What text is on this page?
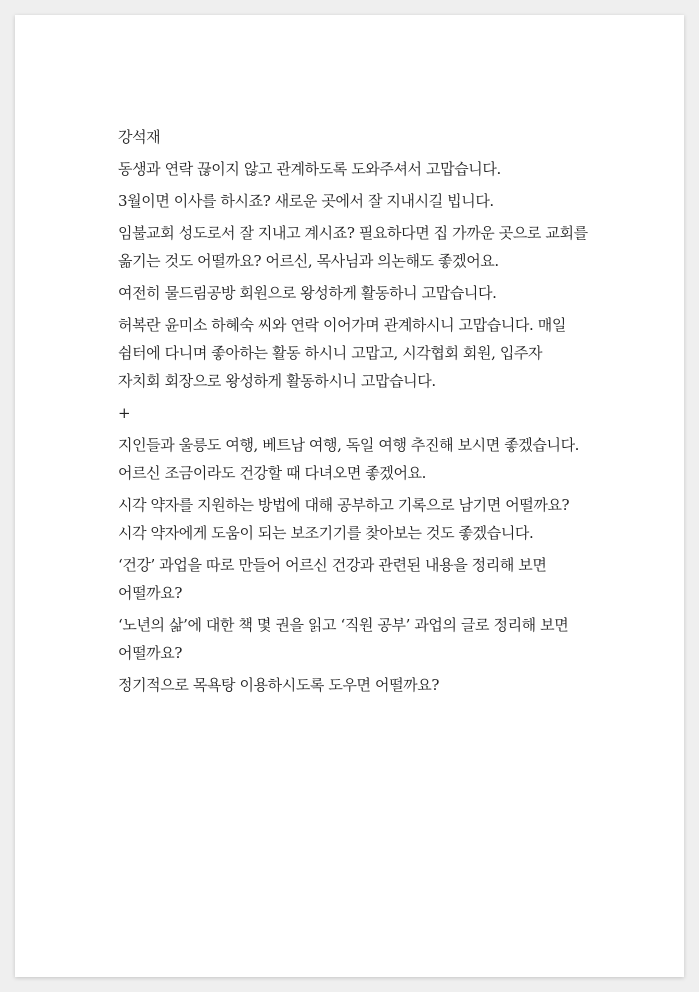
강석재

동생과 연락 끊이지 않고 관계하도록 도와주셔서 고맙습니다.

3월이면 이사를 하시죠? 새로운 곳에서 잘 지내시길 빕니다.

임불교회 성도로서 잘 지내고 계시죠? 필요하다면 집 가까운 곳으로 교회를 옮기는 것도 어떨까요? 어르신, 목사님과 의논해도 좋겠어요.

여전히 물드림공방 회원으로 왕성하게 활동하니 고맙습니다.

허복란 윤미소 하혜숙 씨와 연락 이어가며 관계하시니 고맙습니다. 매일 쉼터에 다니며 좋아하는 활동 하시니 고맙고, 시각협회 회원, 입주자 자치회 회장으로 왕성하게 활동하시니 고맙습니다.

+

지인들과 울릉도 여행, 베트남 여행, 독일 여행 추진해 보시면 좋겠습니다. 어르신 조금이라도 건강할 때 다녀오면 좋겠어요.

시각 약자를 지원하는 방법에 대해 공부하고 기록으로 남기면 어떨까요? 시각 약자에게 도움이 되는 보조기기를 찾아보는 것도 좋겠습니다.

‘건강’ 과업을 따로 만들어 어르신 건강과 관련된 내용을 정리해 보면 어떨까요?

‘노년의 삶’에 대한 책 몇 권을 읽고 ‘직원 공부’ 과업의 글로 정리해 보면 어떨까요?

정기적으로 목욕탕 이용하시도록 도우면 어떨까요?
